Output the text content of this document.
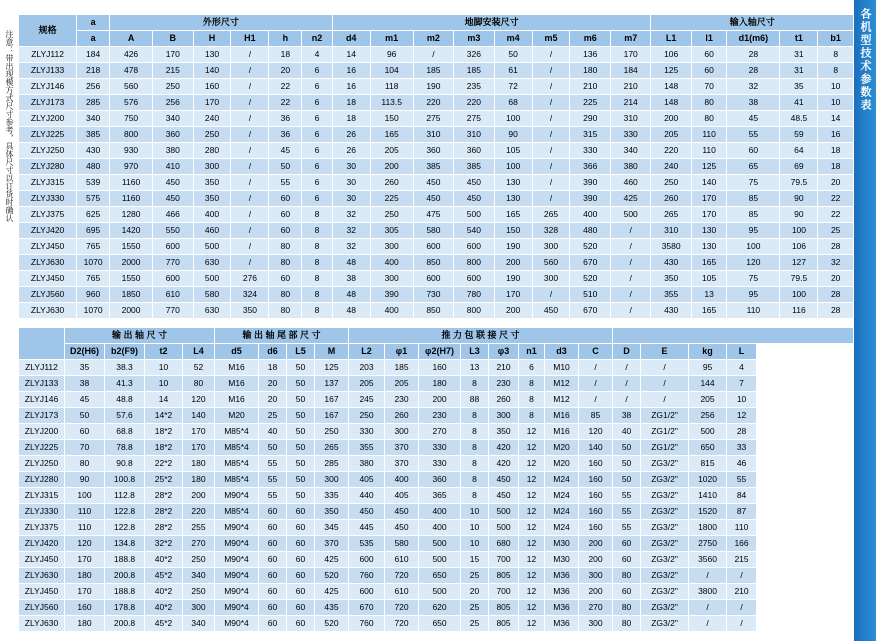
注意：带出现模方式尺寸参考，具体尺寸以订货时确认	规格	a	外形尺寸						地脚安装尺寸								输入轴尺寸				
	a	A	B	H	H1	h	n2	d4	m1	m2	m3	m4	m5	m6	m7	L1	l1	d1(m6)	t1	b1
ZLYJ112	184	426	170	130	/	18	4	14	96	/	326	50	/	136	170	106	60	28	31	8
ZLYJ133	218	478	215	140	/	20	6	16	104	185	185	61	/	180	184	125	60	28	31	8
ZLYJ146	256	560	250	160	/	22	6	16	118	190	235	72	/	210	210	148	70	32	35	10
ZLYJ173	285	576	256	170	/	22	6	18	113.5	220	220	68	/	225	214	148	80	38	41	10
ZLYJ200	340	750	340	240	/	36	6	18	150	275	275	100	/	290	310	200	80	45	48.5	14
ZLYJ225	385	800	360	250	/	36	6	26	165	310	310	90	/	315	330	205	110	55	59	16
ZLYJ250	430	930	380	280	/	45	6	26	205	360	360	105	/	330	340	220	110	60	64	18
ZLYJ280	480	970	410	300	/	50	6	30	200	385	385	100	/	366	380	240	125	65	69	18
ZLYJ315	539	1160	450	350	/	55	6	30	260	450	450	130	/	390	460	250	140	75	79.5	20
ZLYJ330	575	1160	450	350	/	60	6	30	225	450	450	130	/	390	425	260	170	85	90	22
ZLYJ375	625	1280	466	400	/	60	8	32	250	475	500	165	265	400	500	265	170	85	90	22
ZLYJ420	695	1420	550	460	/	60	8	32	305	580	540	150	328	480	/	310	130	95	100	25
ZLYJ450	765	1550	600	500	/	80	8	32	300	600	600	190	300	520	/	3580	130	100	106	28
ZLYJ630	1070	2000	770	630	/	80	8	48	400	850	800	200	560	670	/	430	165	120	127	32
ZLYJ450	765	1550	600	500	276	60	8	38	300	600	600	190	300	520	/	350	105	75	79.5	20
ZLYJ560	960	1850	610	580	324	80	8	48	390	730	780	170	/	510	/	355	13	95	100	28
ZLYJ630	1070	2000	770	630	350	80	8	48	400	850	800	200	450	670	/	430	165	110	116	28
	输 出 轴 尺 寸				输 出 轴 尾 部 尺 寸				推 力 包 联 接 尺 寸											
	D2(H6)	b2(F9)	t2	L4	d5	d6	L5	M	L2	φ1	φ2(H7)	L3	φ3	n1	d3	C	D	E	kg	L
ZLYJ112	35	38.3	10	52	M16	18	50	125	203	185	160	13	210	6	M10	/	/	/	95	4
ZLYJ133	38	41.3	10	80	M16	20	50	137	205	205	180	8	230	8	M12	/	/	/	144	7
ZLYJ146	45	48.8	14	120	M16	20	50	167	245	230	200	88	260	8	M12	/	/	/	205	10
ZLYJ173	50	57.6	14*2	140	M20	25	50	167	250	260	230	8	300	8	M16	85	38	ZG1/2"	256	12
ZLYJ200	60	68.8	18*2	170	M85*4	40	50	250	330	300	270	8	350	12	M16	120	40	ZG1/2"	500	28
ZLYJ225	70	78.8	18*2	170	M85*4	50	50	265	355	370	330	8	420	12	M20	140	50	ZG1/2"	650	33
ZLYJ250	80	90.8	22*2	180	M85*4	55	50	285	380	370	330	8	420	12	M20	160	50	ZG3/2"	815	46
ZLYJ280	90	100.8	25*2	180	M85*4	55	50	300	405	400	360	8	450	12	M24	160	50	ZG3/2"	1020	55
ZLYJ315	100	112.8	28*2	200	M90*4	55	50	335	440	405	365	8	450	12	M24	160	55	ZG3/2"	1410	84
ZLYJ330	110	122.8	28*2	220	M85*4	60	60	350	450	450	400	10	500	12	M24	160	55	ZG3/2"	1520	87
ZLYJ375	110	122.8	28*2	255	M90*4	60	60	345	445	450	400	10	500	12	M24	160	55	ZG3/2"	1800	110
ZLYJ420	120	134.8	32*2	270	M90*4	60	60	370	535	580	500	10	680	12	M30	200	60	ZG3/2"	2750	166
ZLYJ450	170	188.8	40*2	250	M90*4	60	60	425	600	610	500	15	700	12	M30	200	60	ZG3/2"	3560	215
ZLYJ630	180	200.8	45*2	340	M90*4	60	60	520	760	720	650	25	805	12	M36	300	80	ZG3/2"	/	/
ZLYJ450	170	188.8	40*2	250	M90*4	60	60	425	600	610	500	20	700	12	M36	200	60	ZG3/2"	3800	210
ZLYJ560	160	178.8	40*2	300	M90*4	60	60	435	670	720	620	25	805	12	M36	270	80	ZG3/2"	/	/
ZLYJ630	180	200.8	45*2	340	M90*4	60	60	520	760	720	650	25	805	12	M36	300	80	ZG3/2"	/	/
各机型技术参数表
